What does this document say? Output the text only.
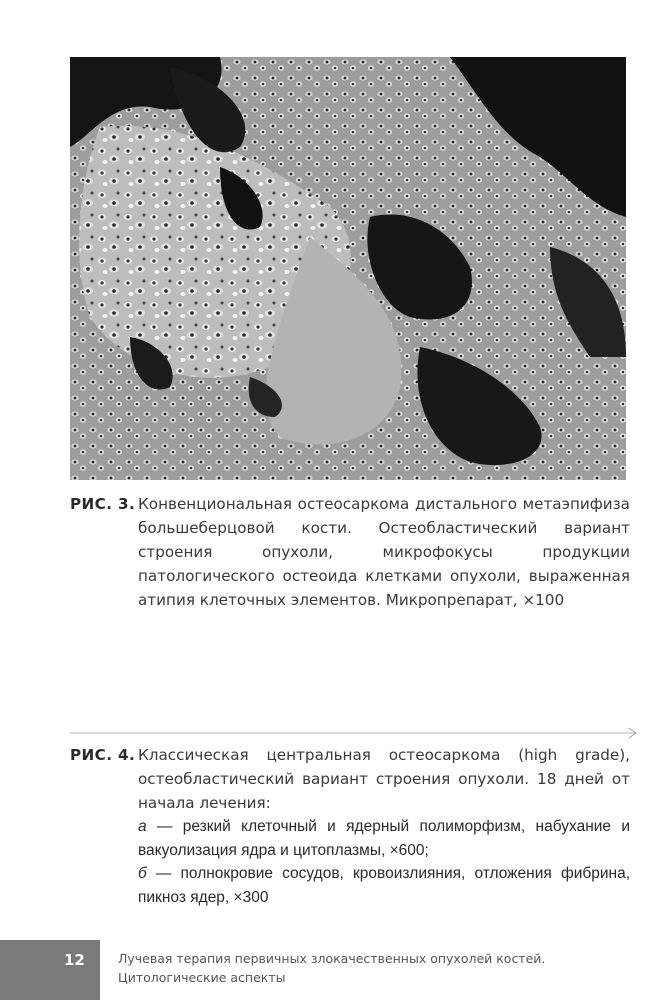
РИС. 3. Конвенциональная остеосаркома дистального метаэпифиза большеберцовой кости. Остеобластический вариант строения опухоли, микрофокусы продукции патологического остеоида клетками опухоли, выраженная атипия клеточных элементов. Микропрепарат, ×100
РИС. 4. Классическая центральная остеосаркома (high grade), остеобластический вариант строения опухоли. 18 дней от начала лечения:

а — резкий клеточный и ядерный полиморфизм, набухание и вакуолизация ядра и цитоплазмы, ×600;

б — полнокровие сосудов, кровоизлияния, отложения фибрина, пикноз ядер, ×300

12	Лучевая терапия первичных злокачественных опухолей костей.
Цитологические аспекты
